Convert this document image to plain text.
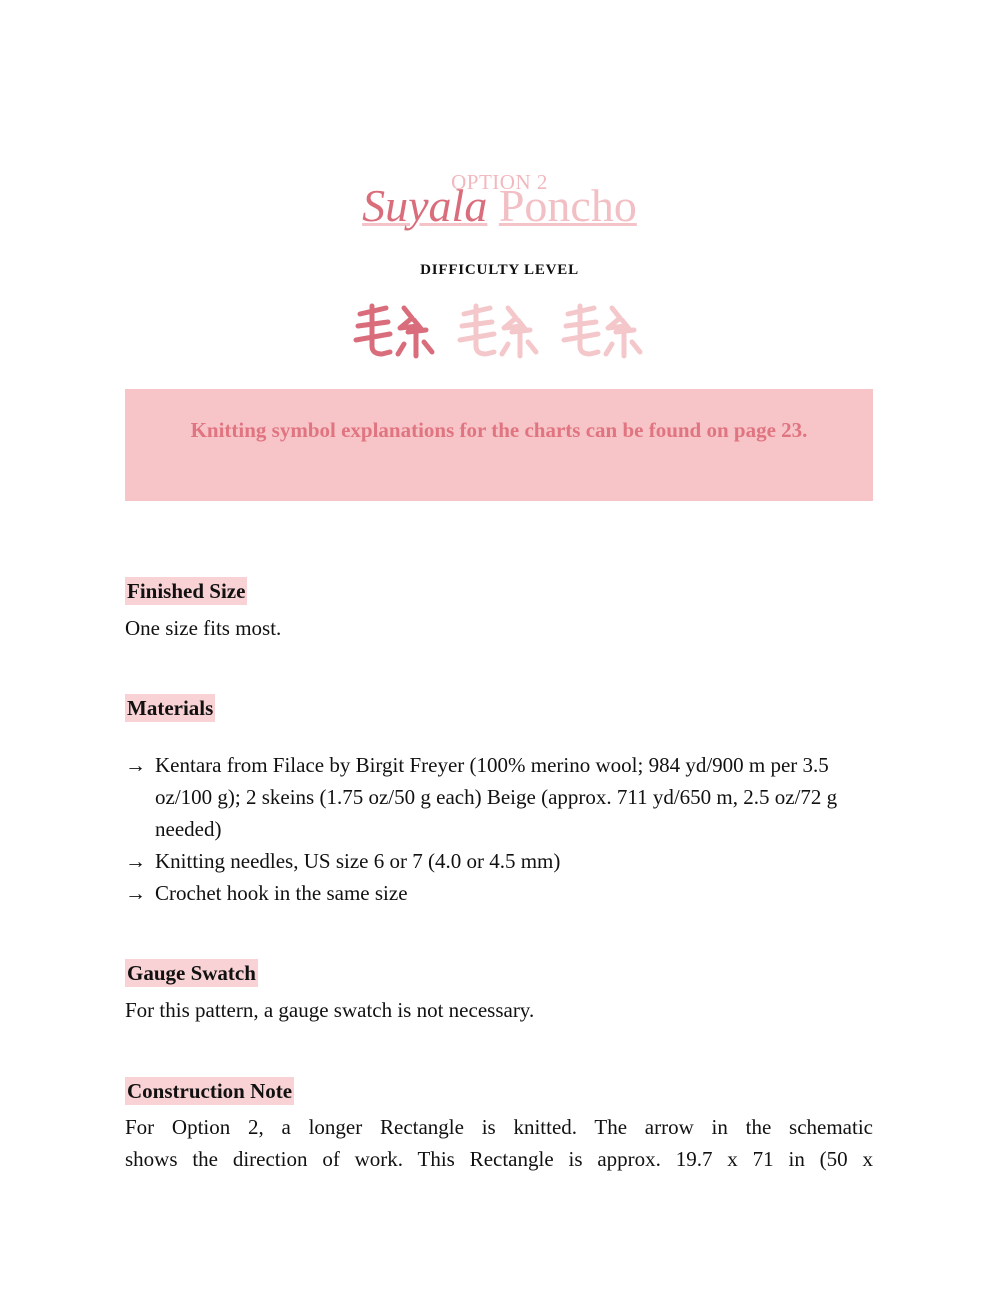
OPTION 2
Suyala Poncho
DIFFICULTY LEVEL
Knitting symbol explanations for the charts can be found on page 23.
Finished Size
One size fits most.
Materials
→ Kentara from Filace by Birgit Freyer (100% merino wool; 984 yd/900 m per 3.5 oz/100 g); 2 skeins (1.75 oz/50 g each) Beige (approx. 711 yd/650 m, 2.5 oz/72 g needed)
→ Knitting needles, US size 6 or 7 (4.0 or 4.5 mm)
→ Crochet hook in the same size
Gauge Swatch
For this pattern, a gauge swatch is not necessary.
Construction Note
For Option 2, a longer Rectangle is knitted. The arrow in the schematic
shows the direction of work. This Rectangle is approx. 19.7 x 71 in (50 x
